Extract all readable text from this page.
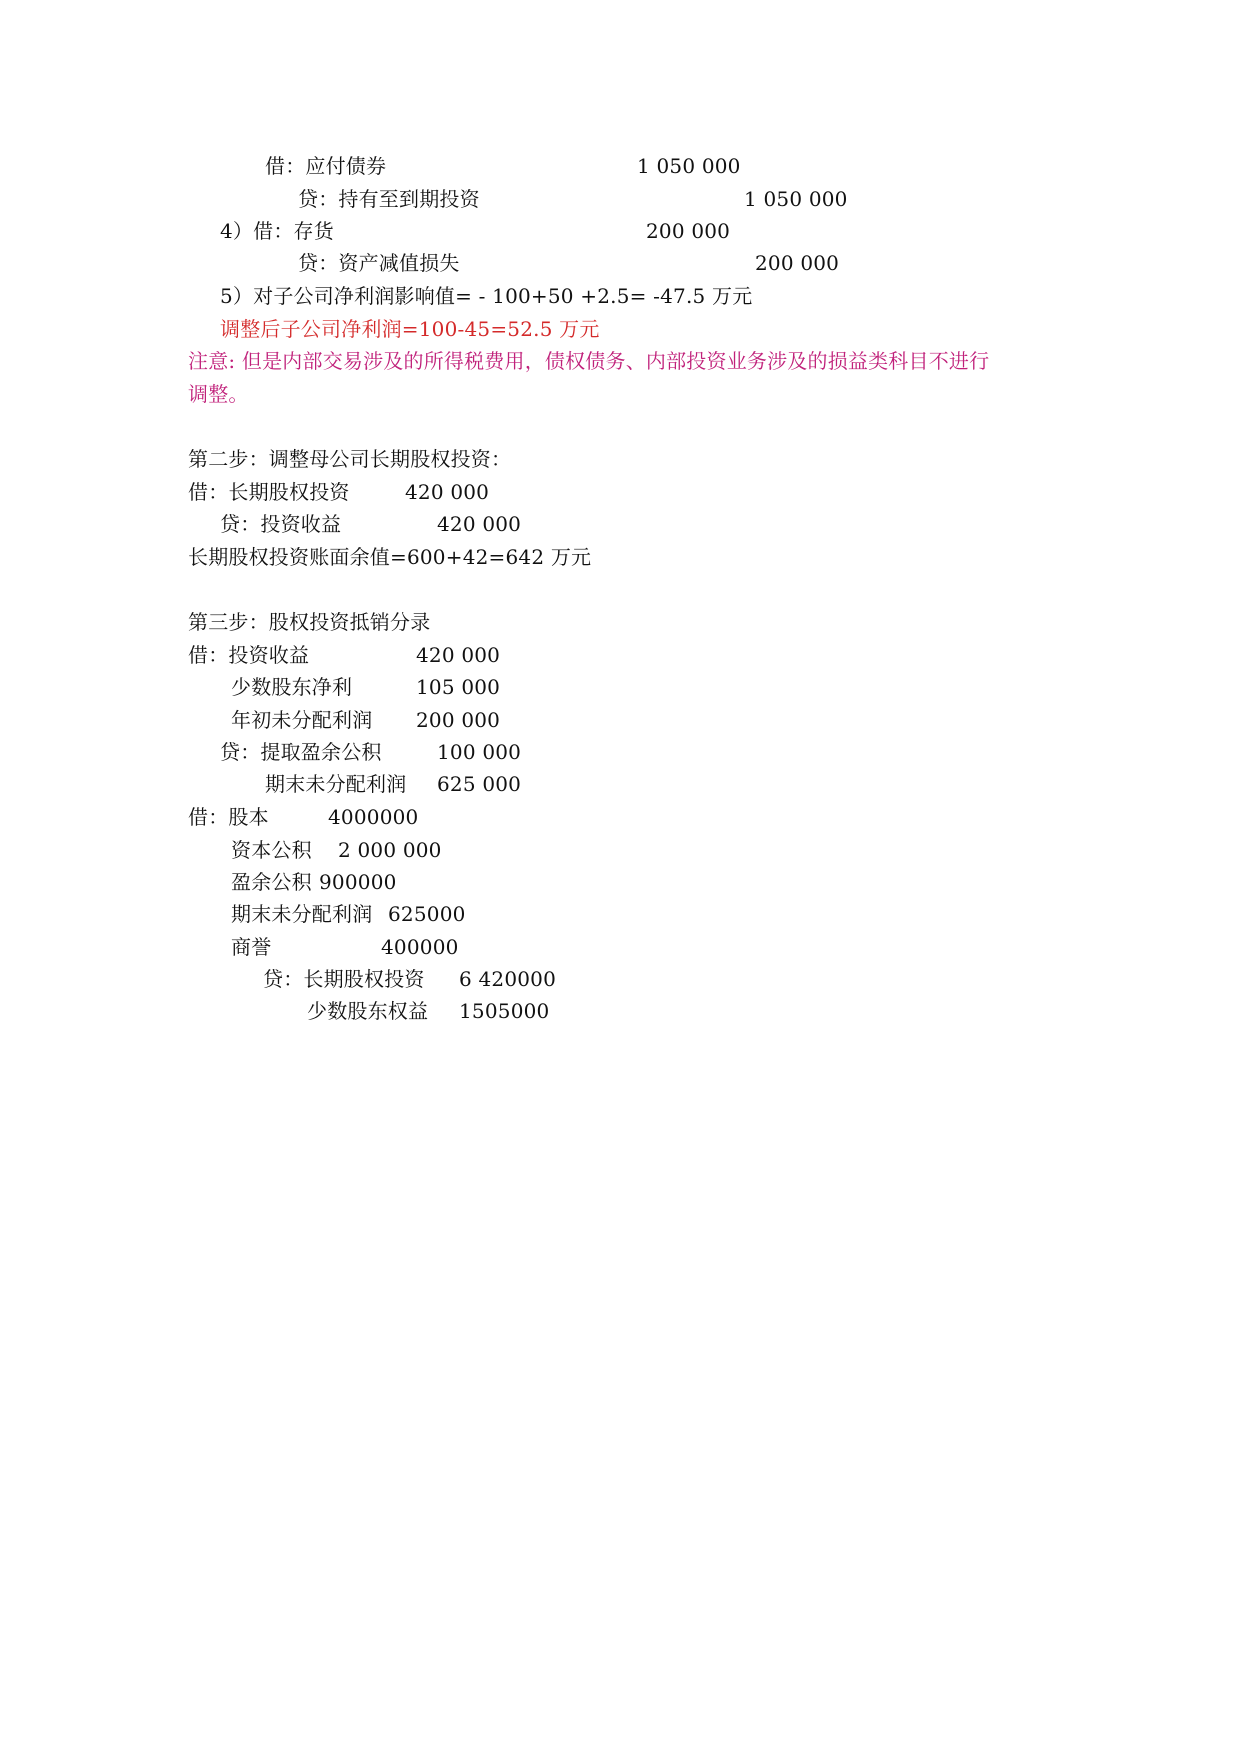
借：应付债券	1 050 000
贷：持有至到期投资	1 050 000
4）借：存货	200 000
贷：资产减值损失	200 000
5）对子公司净利润影响值= - 100+50 +2.5= -47.5 万元
调整后子公司净利润=100-45=52.5 万元
注意: 但是内部交易涉及的所得税费用，债权债务、内部投资业务涉及的损益类科目不进行
调整。
第二步：调整母公司长期股权投资：
借：长期股权投资	420 000
贷：投资收益	420 000
长期股权投资账面余值=600+42=642 万元
第三步：股权投资抵销分录
借：投资收益	420 000
少数股东净利	105 000
年初未分配利润 200 000
贷：提取盈余公积	100 000
期末未分配利润 625 000
借：股本	4000000
资本公积 2 000 000
盈余公积 900000
期末未分配利润 625000
商誉	400000
贷：长期股权投资 6 420000
少数股东权益 1505000
